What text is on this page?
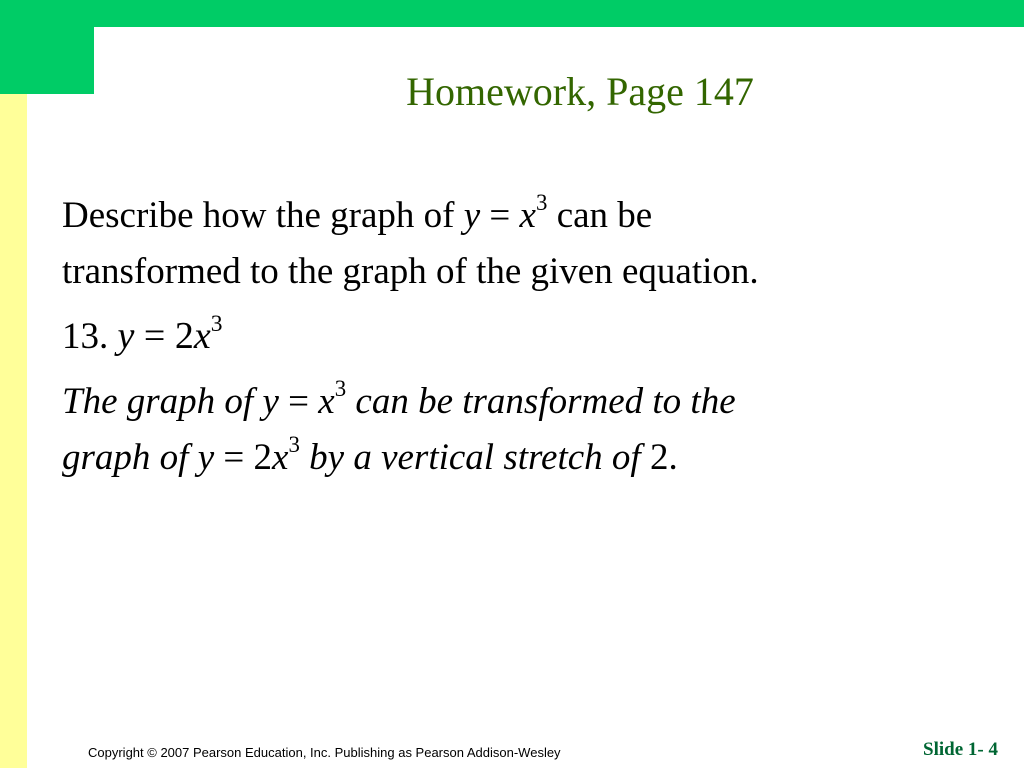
Homework, Page 147
Describe how the graph of $y = x^3$ can be
transformed to the graph of the given equation.
13. $y = 2x^3$
The graph of $y = x^3$ can be transformed to the
graph of $y = 2x^3$ by a vertical stretch of 2.
Copyright © 2007 Pearson Education, Inc. Publishing as Pearson Addison-Wesley	Slide 1- 4
